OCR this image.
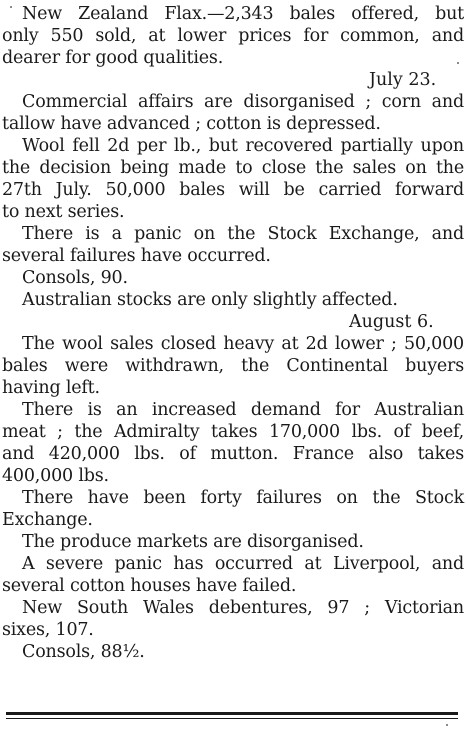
New Zealand Flax.—2,343 bales offered, but
only 550 sold, at lower prices for common, and
dearer for good qualities.
July 23.
Commercial affairs are disorganised ; corn and
tallow have advanced ; cotton is depressed.
Wool fell 2d per lb., but recovered partially upon
the decision being made to close the sales on the
27th July. 50,000 bales will be carried forward
to next series.
There is a panic on the Stock Exchange, and
several failures have occurred.
Consols, 90.
Australian stocks are only slightly affected.
August 6.
The wool sales closed heavy at 2d lower ; 50,000
bales were withdrawn, the Continental buyers
having left.
There is an increased demand for Australian
meat ; the Admiralty takes 170,000 lbs. of beef,
and 420,000 lbs. of mutton. France also takes
400,000 lbs.
There have been forty failures on the Stock
Exchange.
The produce markets are disorganised.
A severe panic has occurred at Liverpool, and
several cotton houses have failed.
New South Wales debentures, 97 ; Victorian
sixes, 107.
Consols, 88½.
